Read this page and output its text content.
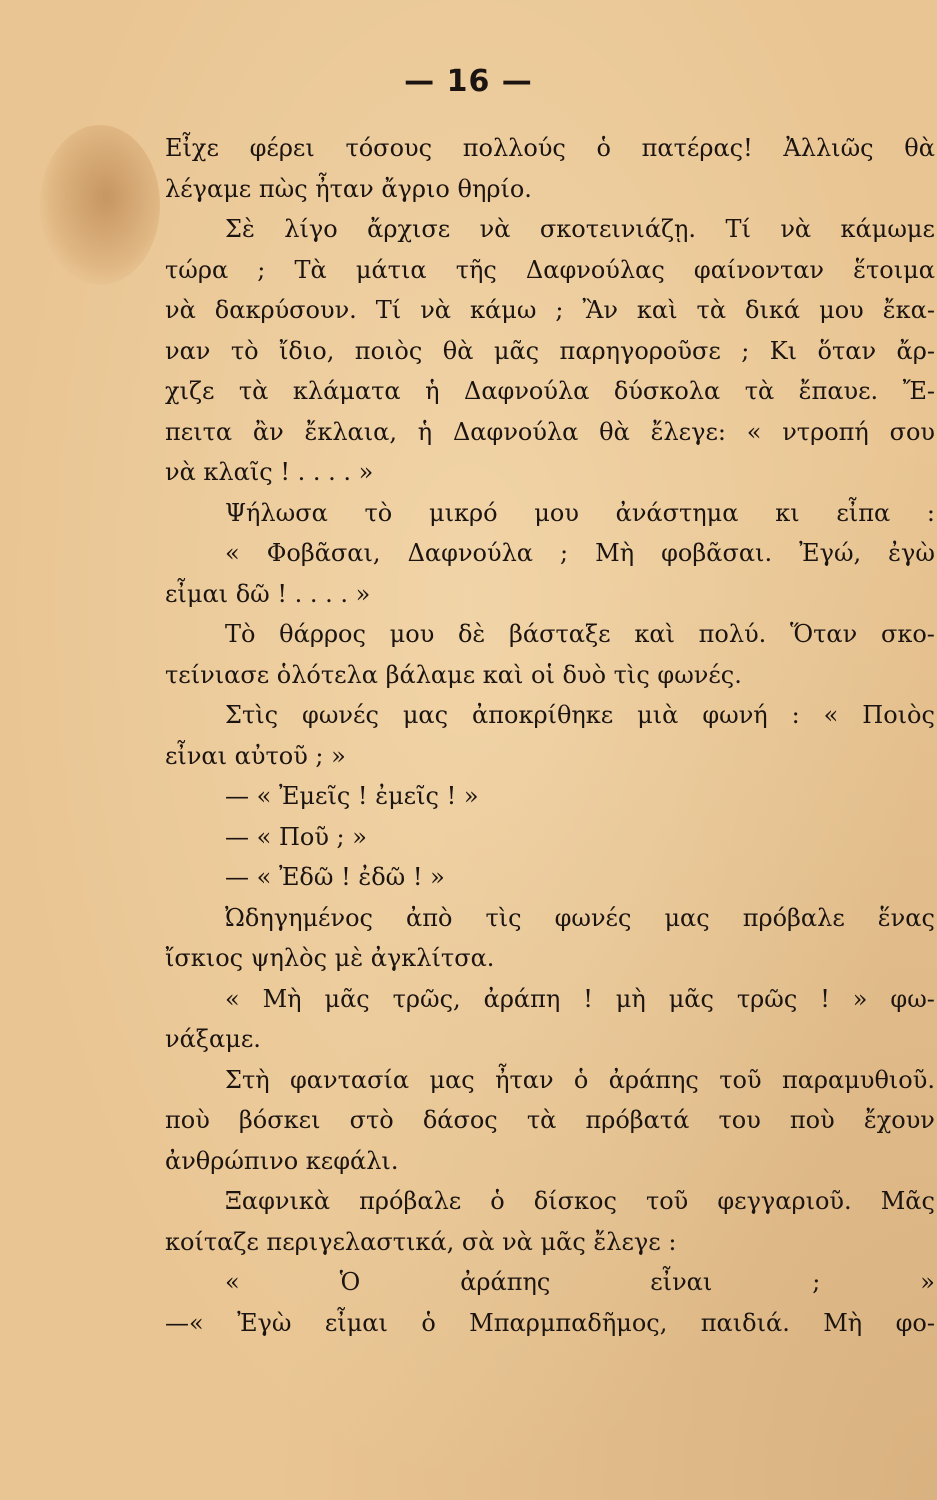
— 16 —
Εἶχε φέρει τόσους πολλούς ὁ πατέρας! Ἀλλιῶς θὰ
λέγαμε πὼς ἦταν ἄγριο θηρίο.
Σὲ λίγο ἄρχισε νὰ σκοτεινιάζῃ. Τί νὰ κάμωμε
τώρα ; Τὰ μάτια τῆς Δαφνούλας φαίνονταν ἕτοιμα
νὰ δακρύσουν. Τί νὰ κάμω ; Ἂν καὶ τὰ δικά μου ἔκα-
ναν τὸ ἴδιο, ποιὸς θὰ μᾶς παρηγοροῦσε ; Κι ὅταν ἄρ-
χιζε τὰ κλάματα ἡ Δαφνούλα δύσκολα τὰ ἔπαυε. Ἔ-
πειτα ἂν ἔκλαια, ἡ Δαφνούλα θὰ ἔλεγε: « ντροπή σου
νὰ κλαῖς ! . . . . »
Ψήλωσα τὸ μικρό μου ἀνάστημα κι εἶπα :
« Φοβᾶσαι, Δαφνούλα ; Μὴ φοβᾶσαι. Ἐγώ, ἐγὼ
εἶμαι δῶ ! . . . . »
Τὸ θάρρος μου δὲ βάσταξε καὶ πολύ. Ὅταν σκο-
τείνιασε ὁλότελα βάλαμε καὶ οἱ δυὸ τὶς φωνές.
Στὶς φωνές μας ἀποκρίθηκε μιὰ φωνή : « Ποιὸς
εἶναι αὐτοῦ ; »
— « Ἐμεῖς ! ἐμεῖς ! »
— « Ποῦ ; »
— « Ἐδῶ ! ἐδῶ ! »
Ὠδηγημένος ἀπὸ τὶς φωνές μας πρόβαλε ἕνας
ἴσκιος ψηλὸς μὲ ἀγκλίτσα.
« Μὴ μᾶς τρῶς, ἀράπη ! μὴ μᾶς τρῶς ! » φω-
νάξαμε.
Στὴ φαντασία μας ἦταν ὁ ἀράπης τοῦ παραμυθιοῦ.
ποὺ βόσκει στὸ δάσος τὰ πρόβατά του ποὺ ἔχουν
ἀνθρώπινο κεφάλι.
Ξαφνικὰ πρόβαλε ὁ δίσκος τοῦ φεγγαριοῦ. Μᾶς
κοίταζε περιγελαστικά, σὰ νὰ μᾶς ἔλεγε :
«	Ὁ	ἀράπης	εἶναι	;	»
—« Ἐγὼ εἶμαι ὁ Μπαρμπαδῆμος, παιδιά. Μὴ φο-
